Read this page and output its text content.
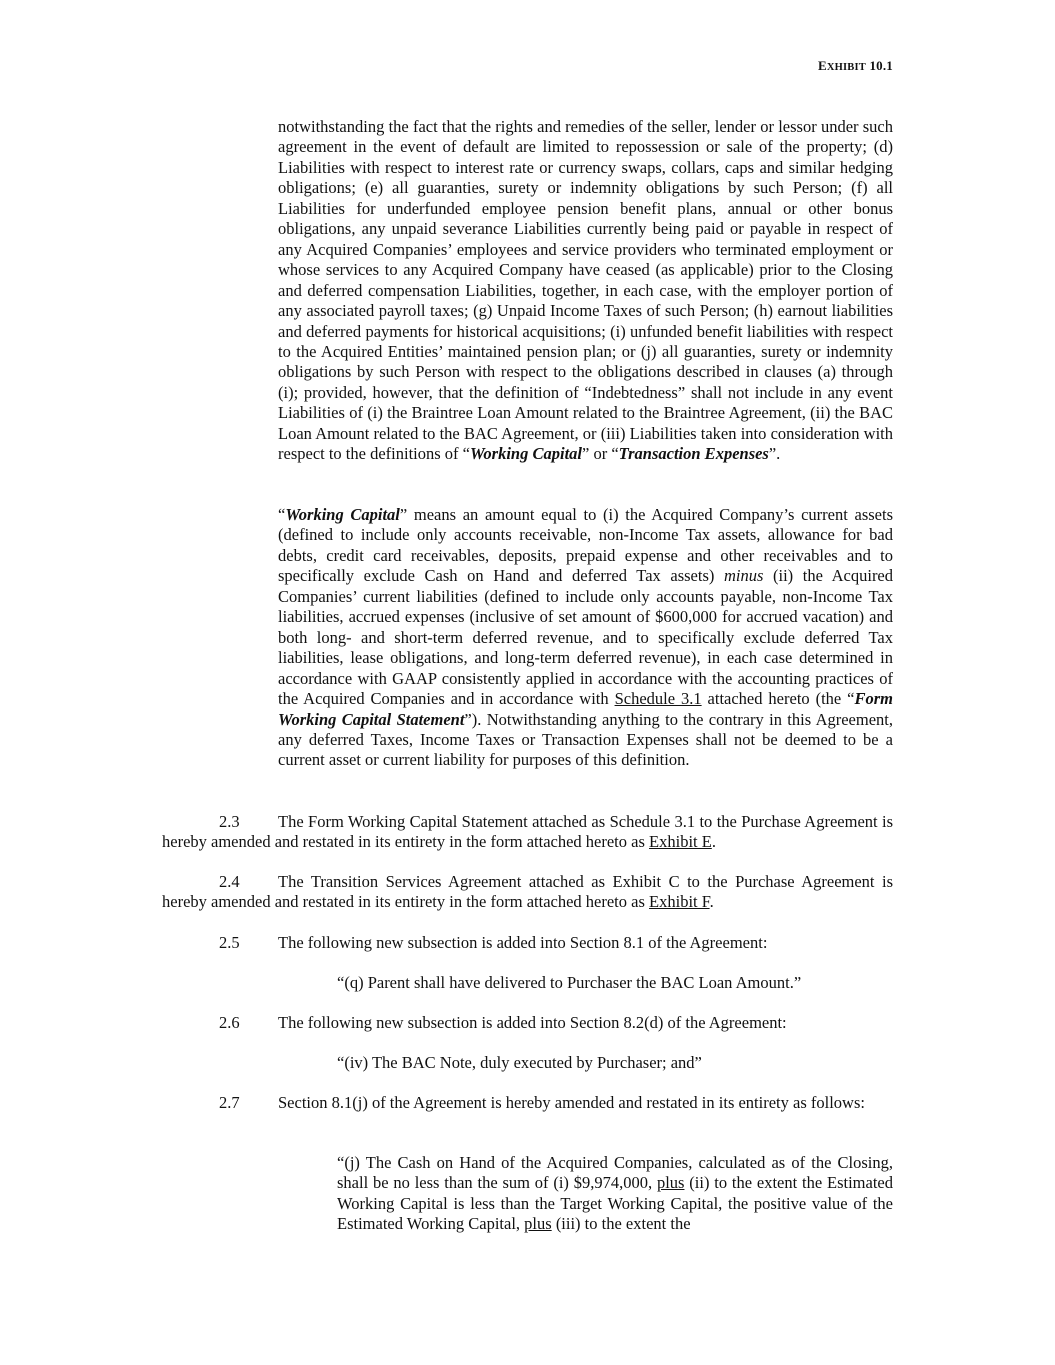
EXHIBIT 10.1
notwithstanding the fact that the rights and remedies of the seller, lender or lessor under such agreement in the event of default are limited to repossession or sale of the property; (d) Liabilities with respect to interest rate or currency swaps, collars, caps and similar hedging obligations; (e) all guaranties, surety or indemnity obligations by such Person; (f) all Liabilities for underfunded employee pension benefit plans, annual or other bonus obligations, any unpaid severance Liabilities currently being paid or payable in respect of any Acquired Companies’ employees and service providers who terminated employment or whose services to any Acquired Company have ceased (as applicable) prior to the Closing and deferred compensation Liabilities, together, in each case, with the employer portion of any associated payroll taxes; (g) Unpaid Income Taxes of such Person; (h) earnout liabilities and deferred payments for historical acquisitions; (i) unfunded benefit liabilities with respect to the Acquired Entities’ maintained pension plan; or (j) all guaranties, surety or indemnity obligations by such Person with respect to the obligations described in clauses (a) through (i); provided, however, that the definition of “Indebtedness” shall not include in any event Liabilities of (i) the Braintree Loan Amount related to the Braintree Agreement, (ii) the BAC Loan Amount related to the BAC Agreement, or (iii) Liabilities taken into consideration with respect to the definitions of “Working Capital” or “Transaction Expenses”.
“Working Capital” means an amount equal to (i) the Acquired Company’s current assets (defined to include only accounts receivable, non-Income Tax assets, allowance for bad debts, credit card receivables, deposits, prepaid expense and other receivables and to specifically exclude Cash on Hand and deferred Tax assets) minus (ii) the Acquired Companies’ current liabilities (defined to include only accounts payable, non-Income Tax liabilities, accrued expenses (inclusive of set amount of $600,000 for accrued vacation) and both long- and short-term deferred revenue, and to specifically exclude deferred Tax liabilities, lease obligations, and long-term deferred revenue), in each case determined in accordance with GAAP consistently applied in accordance with the accounting practices of the Acquired Companies and in accordance with Schedule 3.1 attached hereto (the “Form Working Capital Statement”). Notwithstanding anything to the contrary in this Agreement, any deferred Taxes, Income Taxes or Transaction Expenses shall not be deemed to be a current asset or current liability for purposes of this definition.
2.3 The Form Working Capital Statement attached as Schedule 3.1 to the Purchase Agreement is hereby amended and restated in its entirety in the form attached hereto as Exhibit E.
2.4 The Transition Services Agreement attached as Exhibit C to the Purchase Agreement is hereby amended and restated in its entirety in the form attached hereto as Exhibit F.
2.5 The following new subsection is added into Section 8.1 of the Agreement:
“(q) Parent shall have delivered to Purchaser the BAC Loan Amount.”
2.6 The following new subsection is added into Section 8.2(d) of the Agreement:
“(iv) The BAC Note, duly executed by Purchaser; and”
2.7 Section 8.1(j) of the Agreement is hereby amended and restated in its entirety as follows:
“(j) The Cash on Hand of the Acquired Companies, calculated as of the Closing, shall be no less than the sum of (i) $9,974,000, plus (ii) to the extent the Estimated Working Capital is less than the Target Working Capital, the positive value of the Estimated Working Capital, plus (iii) to the extent the
